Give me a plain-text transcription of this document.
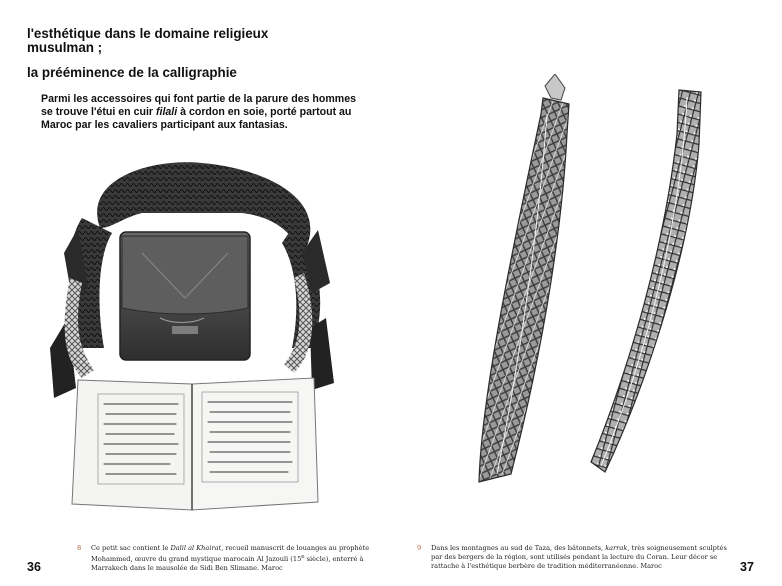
l'esthétique dans le domaine religieux musulman ;
la prééminence de la calligraphie

Parmi les accessoires qui font partie de la parure des hommes se trouve l'étui en cuir filali à cordon en soie, porté partout au Maroc par les cavaliers participant aux fantasias.

8 Ce petit sac contient le Dalil al Khairat, recueil manuscrit de louanges au prophète Mohammed, œuvre du grand mystique marocain Al Jazouli (15e siècle), enterré à Marrakech dans le mausolée de Sidi Ben Slimane. Maroc

36

9 Dans les montagnes au sud de Taza, des bâtonnets, karrak, très soigneusement sculptés par des bergers de la région, sont utilisés pendant la lecture du Coran. Leur décor se rattache à l'esthétique berbère de tradition méditerranéenne. Maroc	37
